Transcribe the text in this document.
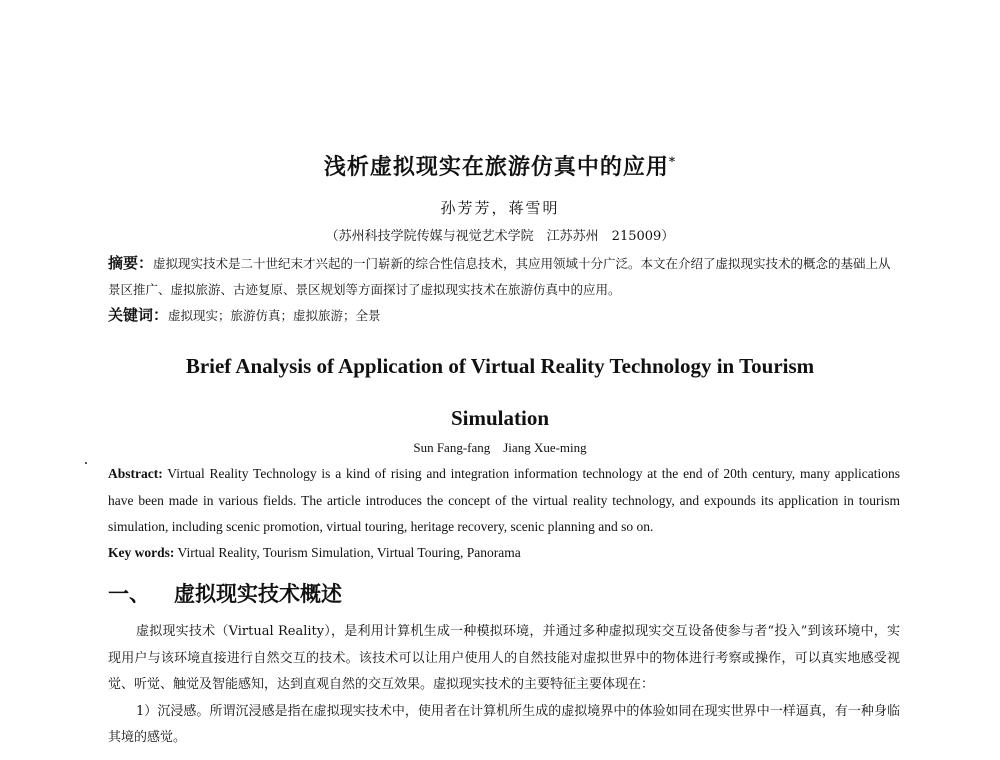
浅析虚拟现实在旅游仿真中的应用*
孙芳芳，蒋雪明
（苏州科技学院传媒与视觉艺术学院　江苏苏州　215009）
摘要：虚拟现实技术是二十世纪末才兴起的一门崭新的综合性信息技术，其应用领域十分广泛。本文在介绍了虚拟现实技术的概念的基础上从景区推广、虚拟旅游、古迹复原、景区规划等方面探讨了虚拟现实技术在旅游仿真中的应用。
关键词：虚拟现实；旅游仿真；虚拟旅游；全景
Brief Analysis of Application of Virtual Reality Technology in Tourism
Simulation
Sun Fang-fang　Jiang Xue-ming
Abstract: Virtual Reality Technology is a kind of rising and integration information technology at the end of 20th century, many applications have been made in various fields. The article introduces the concept of the virtual reality technology, and expounds its application in tourism simulation, including scenic promotion, virtual touring, heritage recovery, scenic planning and so on.
Key words: Virtual Reality, Tourism Simulation, Virtual Touring, Panorama
一、 虚拟现实技术概述

虚拟现实技术（Virtual Reality），是利用计算机生成一种模拟环境，并通过多种虚拟现实交互设备使参与者“投入”到该环境中，实现用户与该环境直接进行自然交互的技术。该技术可以让用户使用人的自然技能对虚拟世界中的物体进行考察或操作，可以真实地感受视觉、听觉、触觉及智能感知，达到直观自然的交互效果。虚拟现实技术的主要特征主要体现在：

1）沉浸感。所谓沉浸感是指在虚拟现实技术中，使用者在计算机所生成的虚拟境界中的体验如同在现实世界中一样逼真，有一种身临其境的感觉。
